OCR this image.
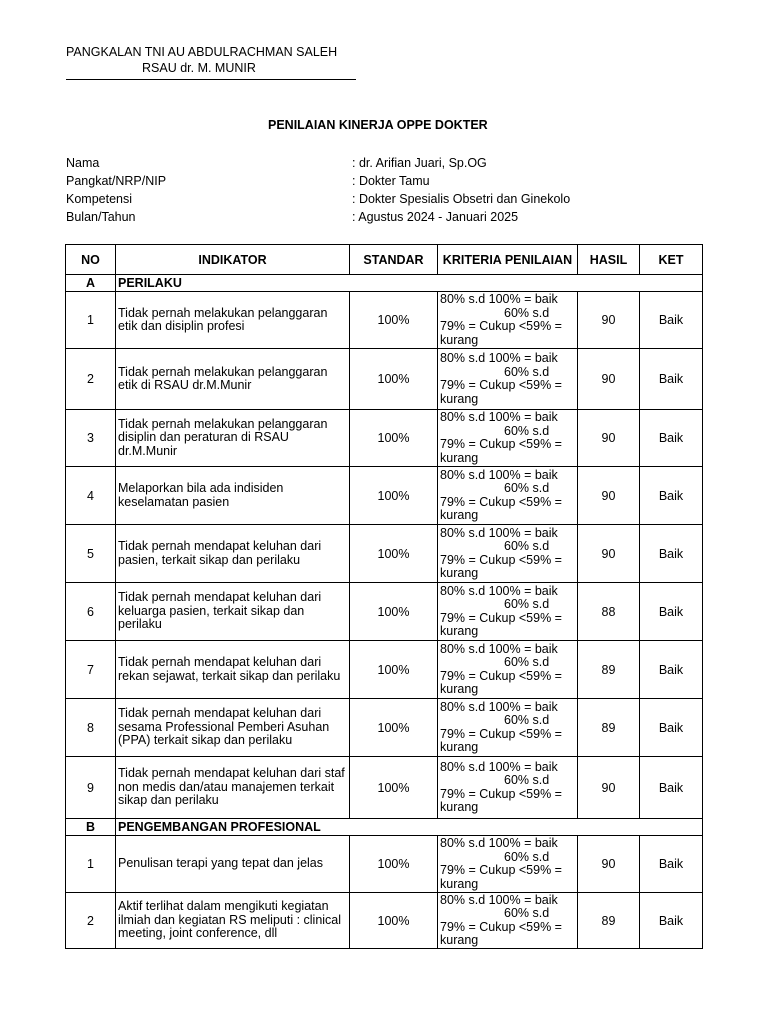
PANGKALAN TNI AU ABDULRACHMAN SALEH
RSAU dr. M. MUNIR
PENILAIAN KINERJA OPPE DOKTER
Nama	: dr. Arifian Juari, Sp.OG
Pangkat/NRP/NIP	: Dokter Tamu
Kompetensi	: Dokter Spesialis Obsetri dan Ginekolo
Bulan/Tahun	: Agustus 2024 - Januari 2025
NO	INDIKATOR	STANDAR	KRITERIA PENILAIAN	HASIL	KET
A	PERILAKU				
1	Tidak pernah melakukan pelanggaran etik dan disiplin profesi	100%	80% s.d 100% = baik
60% s.d
79% = Cukup <59% =
kurang	90	Baik
2	Tidak pernah melakukan pelanggaran etik di RSAU dr.M.Munir	100%	80% s.d 100% = baik
60% s.d
79% = Cukup <59% =
kurang	90	Baik
3	Tidak pernah melakukan pelanggaran disiplin dan peraturan di RSAU dr.M.Munir	100%	80% s.d 100% = baik
60% s.d
79% = Cukup <59% =
kurang	90	Baik
4	Melaporkan bila ada indisiden keselamatan pasien	100%	80% s.d 100% = baik
60% s.d
79% = Cukup <59% =
kurang	90	Baik
5	Tidak pernah mendapat keluhan dari pasien, terkait sikap dan perilaku	100%	80% s.d 100% = baik
60% s.d
79% = Cukup <59% =
kurang	90	Baik
6	Tidak pernah mendapat keluhan dari keluarga pasien, terkait sikap dan perilaku	100%	80% s.d 100% = baik
60% s.d
79% = Cukup <59% =
kurang	88	Baik
7	Tidak pernah mendapat keluhan dari rekan sejawat, terkait sikap dan perilaku	100%	80% s.d 100% = baik
60% s.d
79% = Cukup <59% =
kurang	89	Baik
8	Tidak pernah mendapat keluhan dari sesama Professional Pemberi Asuhan (PPA) terkait sikap dan perilaku	100%	80% s.d 100% = baik
60% s.d
79% = Cukup <59% =
kurang	89	Baik
9	Tidak pernah mendapat keluhan dari staf non medis dan/atau manajemen terkait sikap dan perilaku	100%	80% s.d 100% = baik
60% s.d
79% = Cukup <59% =
kurang	90	Baik
B	PENGEMBANGAN PROFESIONAL				
1	Penulisan terapi yang tepat dan jelas	100%	80% s.d 100% = baik
60% s.d
79% = Cukup <59% =
kurang	90	Baik
2	Aktif terlihat dalam mengikuti kegiatan ilmiah dan kegiatan RS meliputi : clinical meeting, joint conference, dll	100%	80% s.d 100% = baik
60% s.d
79% = Cukup <59% =
kurang	89	Baik
